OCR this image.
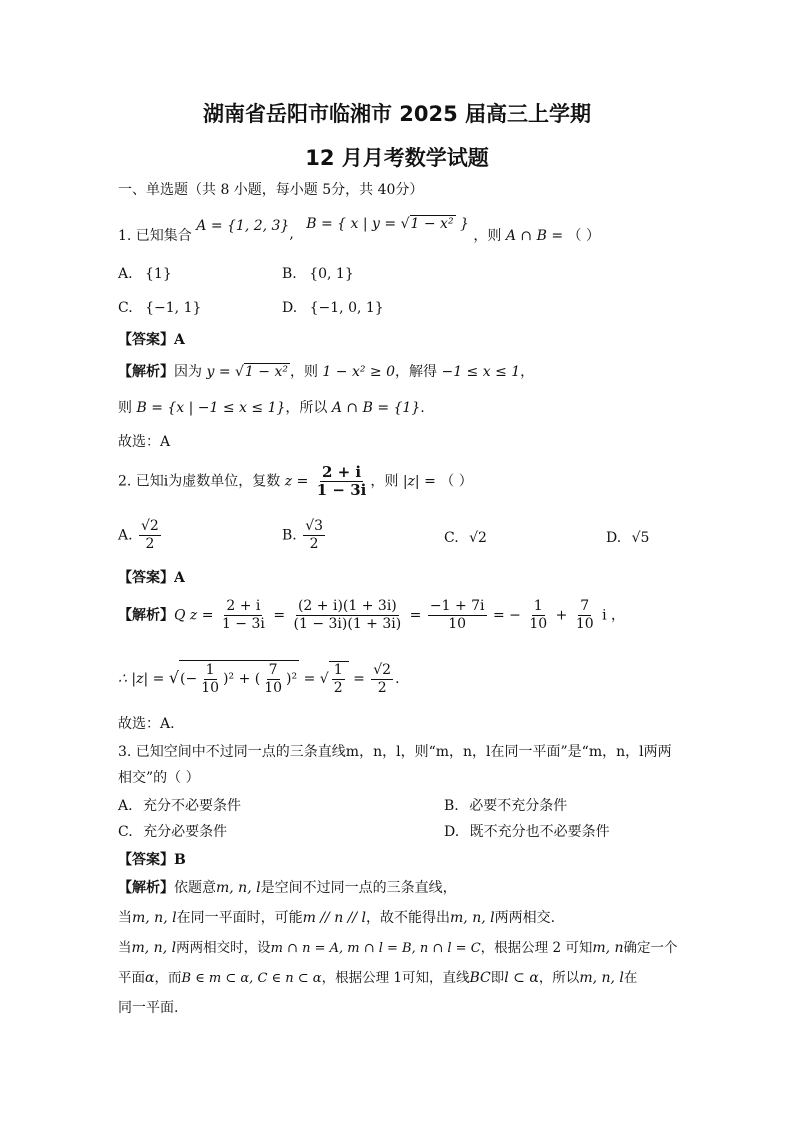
湖南省岳阳市临湘市 2025 届高三上学期
12 月月考数学试题
一、单选题（共 8 小题，每小题 5分，共 40分）
1. 已知集合 A = {1, 2, 3}, B = { x | y = √1 − x² } ，则 A ∩ B = （ ）
A. {1}	B. {0, 1}
C. {−1, 1}	D. {−1, 0, 1}
【答案】A
【解析】因为 y = √1 − x² ，则 1 − x² ≥ 0，解得 −1 ≤ x ≤ 1，
则 B = {x | −1 ≤ x ≤ 1}，所以 A ∩ B = {1}.
故选：A
2. 已知i为虚数单位，复数 $z = \frac{2 + i}{1 - 3i}$ ，则 |z| = （ ）
A. $\frac{√2}{2}$	B. $\frac{√3}{2}$	C. √2	D. √5
【答案】A
【解析】Q $z = \frac{2 + i}{1 - 3i} = \frac{(2 + i)(1 + 3i)}{(1 - 3i)(1 + 3i)} = \frac{-1 + 7i}{10}$ = − $\frac{1}{10} + \frac{7}{10}$ i ，
∴ |z| = √(− $\frac{1}{10} )^2$ + ( $\frac{7}{10} )^2$ = √ $\frac{1}{2} = \frac{√2}{2}$ .
故选：A.
3. 已知空间中不过同一点的三条直线m，n，l，则“m，n，l在同一平面”是“m，n，l两两
相交”的（ ）
A. 充分不必要条件	B. 必要不充分条件
C. 充分必要条件	D. 既不充分也不必要条件
【答案】B
【解析】依题意m, n, l是空间不过同一点的三条直线，
当m, n, l在同一平面时，可能m // n // l，故不能得出m, n, l两两相交.
当m, n, l两两相交时，设m ∩ n = A, m ∩ l = B, n ∩ l = C，根据公理 2 可知m, n确定一个
平面α，而B ∈ m ⊂ α, C ∈ n ⊂ α，根据公理 1可知，直线BC即l ⊂ α，所以m, n, l在
同一平面.
